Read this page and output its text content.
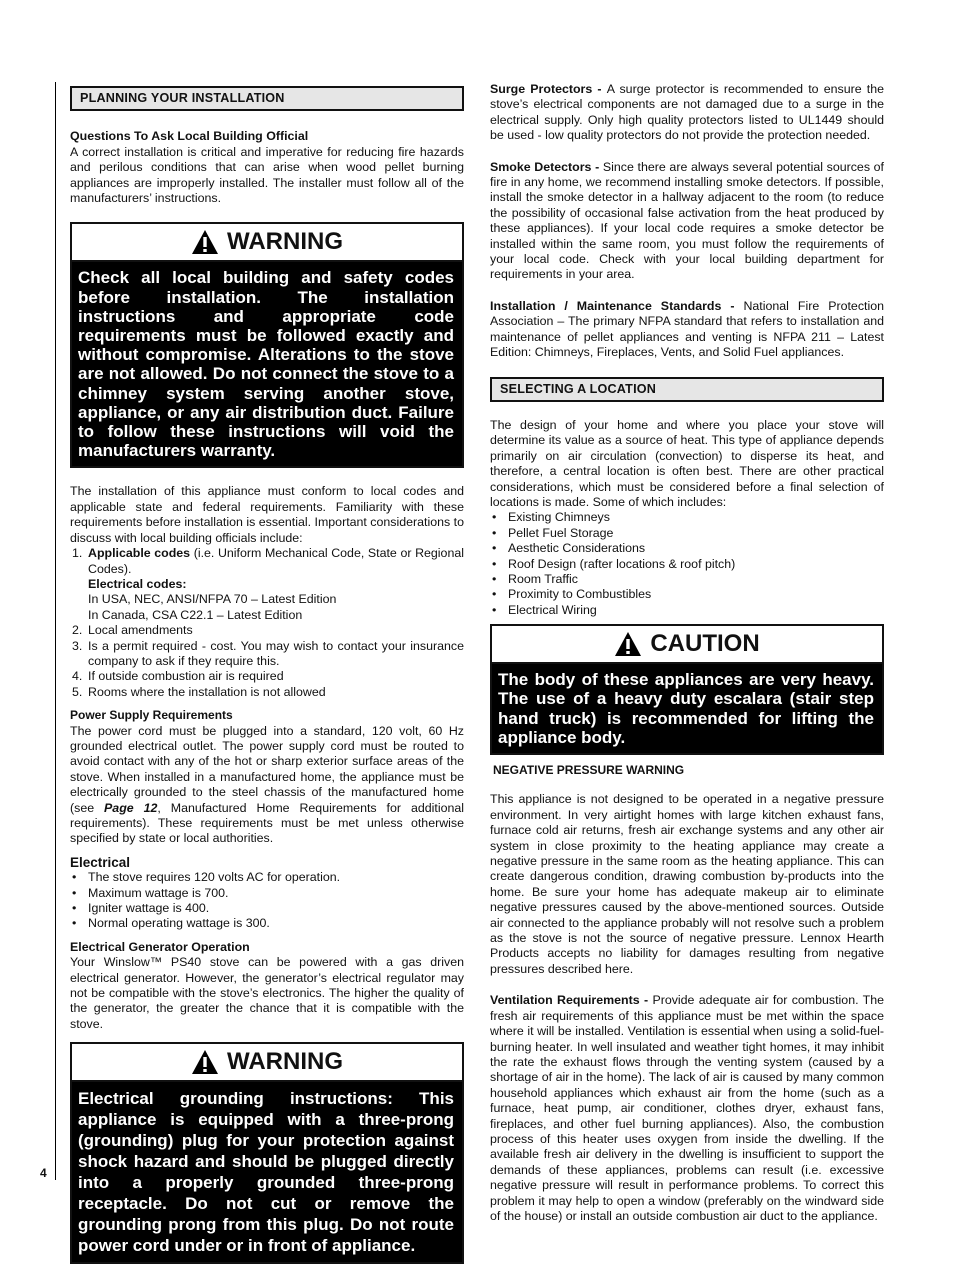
4
PLANNING YOUR INSTALLATION

Questions To Ask Local Building Official

A correct installation is critical and imperative for reducing fire hazards and perilous conditions that can arise when wood pellet burning appliances are improperly installed. The installer must follow all of the manufacturers’ instructions.

WARNING
Check all local building and safety codes before installation. The installation instructions and appropriate code requirements must be followed exactly and without compromise. Alterations to the stove are not allowed. Do not connect the stove to a chimney system serving another stove, appliance, or any air distribution duct. Failure to follow these instructions will void the manufacturers warranty.

The installation of this appliance must conform to local codes and applicable state and federal requirements. Familiarity with these requirements before installation is essential. Important considerations to discuss with local building officials include:

1. Applicable codes (i.e. Uniform Mechanical Code, State or Regional Codes).
Electrical codes:
In USA, NEC, ANSI/NFPA 70 – Latest Edition
In Canada, CSA C22.1 – Latest Edition
2. Local amendments
3. Is a permit required - cost. You may wish to contact your insurance company to ask if they require this.
4. If outside combustion air is required
5. Rooms where the installation is not allowed

Power Supply Requirements

The power cord must be plugged into a standard, 120 volt, 60 Hz grounded electrical outlet. The power supply cord must be routed to avoid contact with any of the hot or sharp exterior surface areas of the stove. When installed in a manufactured home, the appliance must be electrically grounded to the steel chassis of the manufactured home (see Page 12, Manufactured Home Requirements for additional requirements). These requirements must be met unless otherwise specified by state or local authorities.

Electrical

• The stove requires 120 volts AC for operation.
• Maximum wattage is 700.
• Igniter wattage is 400.
• Normal operating wattage is 300.

Electrical Generator Operation

Your Winslow™ PS40 stove can be powered with a gas driven electrical generator. However, the generator’s electrical regulator may not be compatible with the stove’s electronics. The higher the quality of the generator, the greater the chance that it is compatible with the stove.

WARNING
Electrical grounding instructions: This appliance is equipped with a three-prong (grounding) plug for your protection against shock hazard and should be plugged directly into a properly grounded three-prong receptacle. Do not cut or remove the grounding prong from this plug. Do not route power cord under or in front of appliance.

Surge Protectors - A surge protector is recommended to ensure the stove’s electrical components are not damaged due to a surge in the electrical supply. Only high quality protectors listed to UL1449 should be used - low quality protectors do not provide the protection needed.

Smoke Detectors - Since there are always several potential sources of fire in any home, we recommend installing smoke detectors. If possible, install the smoke detector in a hallway adjacent to the room (to reduce the possibility of occasional false activation from the heat produced by these appliances). If your local code requires a smoke detector be installed within the same room, you must follow the requirements of your local code. Check with your local building department for requirements in your area.

Installation / Maintenance Standards - National Fire Protection Association – The primary NFPA standard that refers to installation and maintenance of pellet appliances and venting is NFPA 211 – Latest Edition: Chimneys, Fireplaces, Vents, and Solid Fuel appliances.

SELECTING A LOCATION

The design of your home and where you place your stove will determine its value as a source of heat. This type of appliance depends primarily on air circulation (convection) to disperse its heat, and therefore, a central location is often best. There are other practical considerations, which must be considered before a final selection of locations is made. Some of which includes:

• Existing Chimneys
• Pellet Fuel Storage
• Aesthetic Considerations
• Roof Design (rafter locations & roof pitch)
• Room Traffic
• Proximity to Combustibles
• Electrical Wiring
CAUTION
The body of these appliances are very heavy. The use of a heavy duty escalara (stair step hand truck) is recommended for lifting the appliance body.

NEGATIVE PRESSURE WARNING

This appliance is not designed to be operated in a negative pressure environment. In very airtight homes with large kitchen exhaust fans, furnace cold air returns, fresh air exchange systems and any other air system in close proximity to the heating appliance may create a negative pressure in the same room as the heating appliance. This can create dangerous condition, drawing combustion by-products into the home. Be sure your home has adequate makeup air to eliminate negative pressures caused by the above-mentioned sources. Outside air connected to the appliance probably will not resolve such a problem as the stove is not the source of negative pressure. Lennox Hearth Products accepts no liability for damages resulting from negative pressures described here.

Ventilation Requirements - Provide adequate air for combustion. The fresh air requirements of this appliance must be met within the space where it will be installed. Ventilation is essential when using a solid-fuel-burning heater. In well insulated and weather tight homes, it may inhibit the rate the exhaust flows through the venting system (caused by a shortage of air in the home). The lack of air is caused by many common household appliances which exhaust air from the home (such as a furnace, heat pump, air conditioner, clothes dryer, exhaust fans, fireplaces, and other fuel burning appliances). Also, the combustion process of this heater uses oxygen from inside the dwelling. If the available fresh air delivery in the dwelling is insufficient to support the demands of these appliances, problems can result (i.e. excessive negative pressure will result in performance problems. To correct this problem it may help to open a window (preferably on the windward side of the house) or install an outside combustion air duct to the appliance.
